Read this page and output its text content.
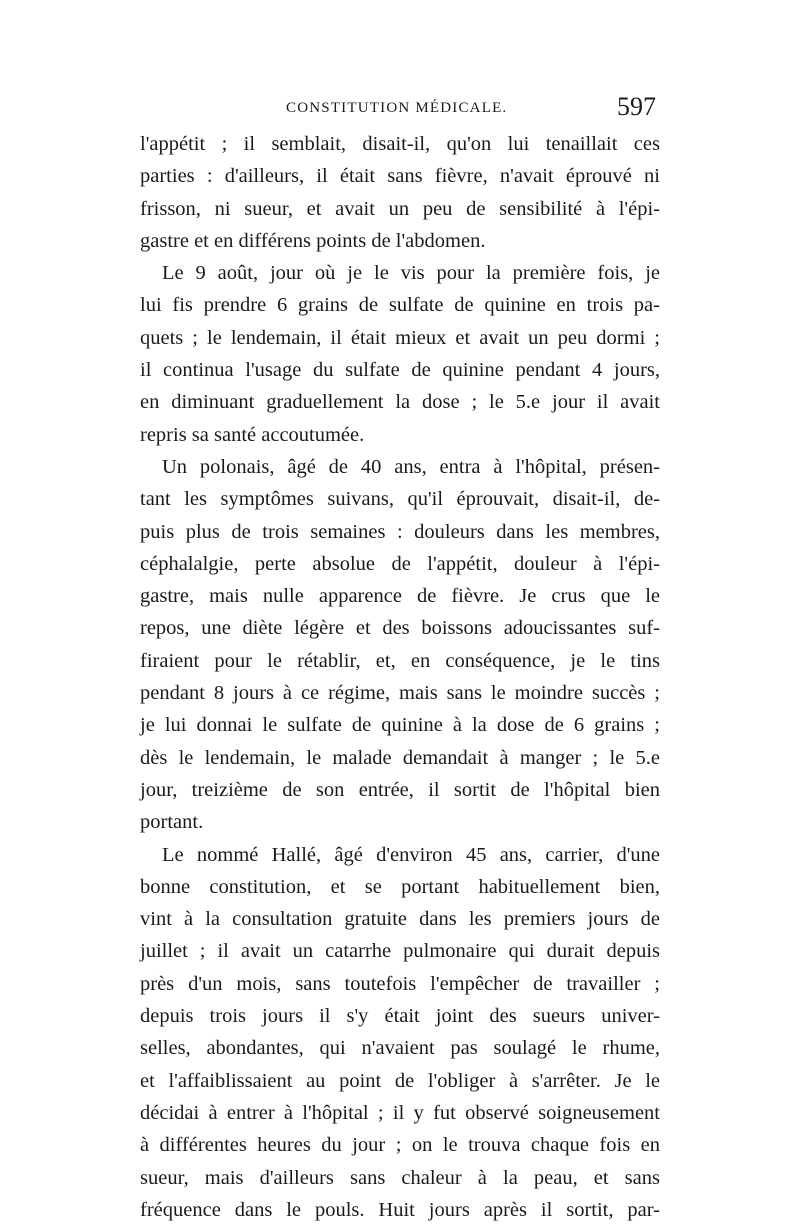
CONSTITUTION MÉDICALE.	597
l'appétit ; il semblait, disait-il, qu'on lui tenaillait ces
parties : d'ailleurs, il était sans fièvre, n'avait éprouvé ni
frisson, ni sueur, et avait un peu de sensibilité à l'épi-
gastre et en différens points de l'abdomen.
Le 9 août, jour où je le vis pour la première fois, je
lui fis prendre 6 grains de sulfate de quinine en trois pa-
quets ; le lendemain, il était mieux et avait un peu dormi ;
il continua l'usage du sulfate de quinine pendant 4 jours,
en diminuant graduellement la dose ; le 5.e jour il avait
repris sa santé accoutumée.
Un polonais, âgé de 40 ans, entra à l'hôpital, présen-
tant les symptômes suivans, qu'il éprouvait, disait-il, de-
puis plus de trois semaines : douleurs dans les membres,
céphalalgie, perte absolue de l'appétit, douleur à l'épi-
gastre, mais nulle apparence de fièvre. Je crus que le
repos, une diète légère et des boissons adoucissantes suf-
firaient pour le rétablir, et, en conséquence, je le tins
pendant 8 jours à ce régime, mais sans le moindre succès ;
je lui donnai le sulfate de quinine à la dose de 6 grains ;
dès le lendemain, le malade demandait à manger ; le 5.e
jour, treizième de son entrée, il sortit de l'hôpital bien
portant.
Le nommé Hallé, âgé d'environ 45 ans, carrier, d'une
bonne constitution, et se portant habituellement bien,
vint à la consultation gratuite dans les premiers jours de
juillet ; il avait un catarrhe pulmonaire qui durait depuis
près d'un mois, sans toutefois l'empêcher de travailler ;
depuis trois jours il s'y était joint des sueurs univer-
selles, abondantes, qui n'avaient pas soulagé le rhume,
et l'affaiblissaient au point de l'obliger à s'arrêter. Je le
décidai à entrer à l'hôpital ; il y fut observé soigneusement
à différentes heures du jour ; on le trouva chaque fois en
sueur, mais d'ailleurs sans chaleur à la peau, et sans
fréquence dans le pouls. Huit jours après il sortit, par-
